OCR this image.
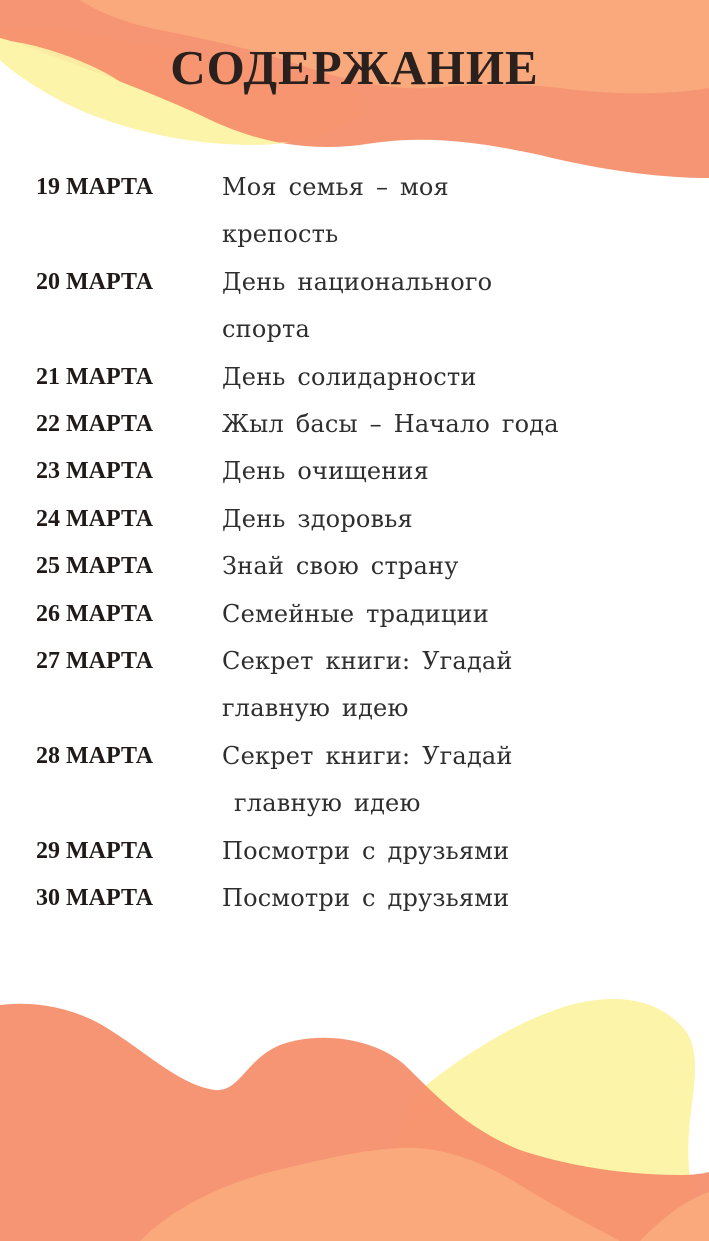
СОДЕРЖАНИЕ
19 МАРТА	Моя семья – моя
крепость
20 МАРТА	День национального
спорта
21 МАРТА	День солидарности
22 МАРТА	Жыл басы – Начало года
23 МАРТА	День очищения
24 МАРТА	День здоровья
25 МАРТА	Знай свою страну
26 МАРТА	Семейные традиции
27 МАРТА	Секрет книги: Угадай
главную идею
28 МАРТА	Секрет книги: Угадай
главную идею
29 МАРТА	Посмотри с друзьями
30 МАРТА	Посмотри с друзьями
